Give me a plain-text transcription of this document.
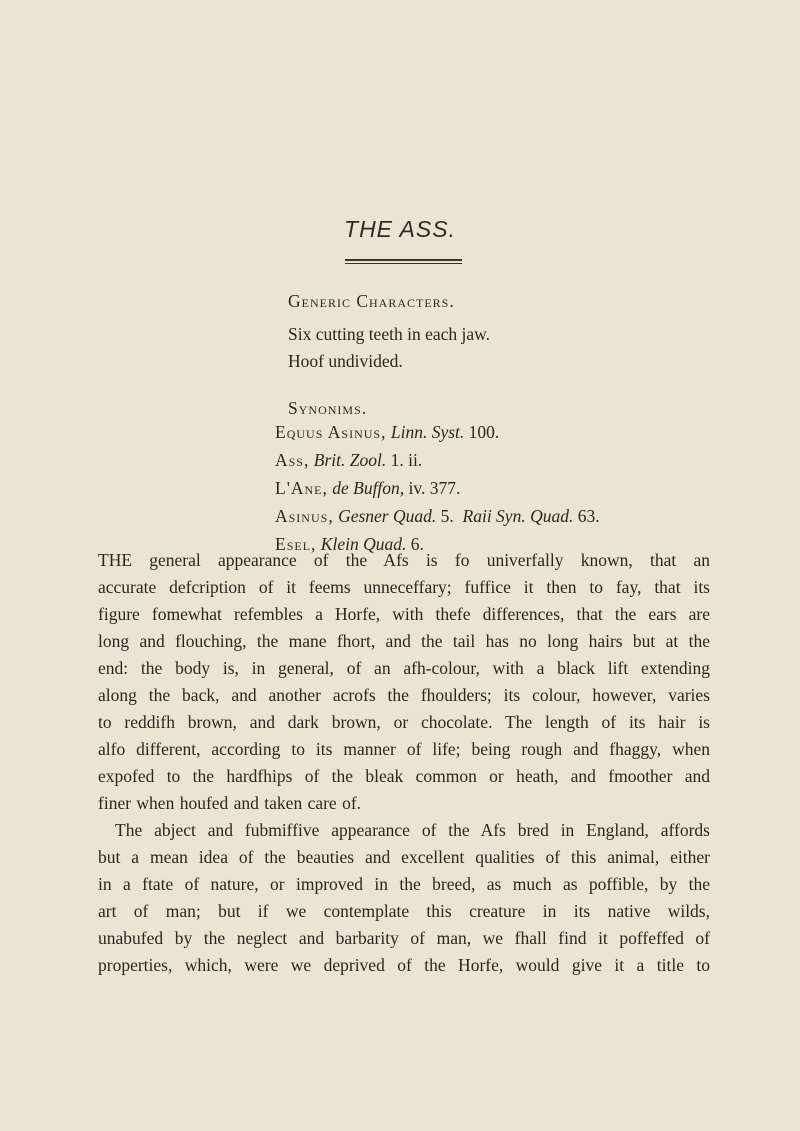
THE ASS.
Generic Characters.
Six cutting teeth in each jaw.
Hoof undivided.
Synonims.
Equus Asinus, Linn. Syst. 100.
Ass, Brit. Zool. 1. ii.
L'Ane, de Buffon, iv. 377.
Asinus, Gesner Quad. 5. Raii Syn. Quad. 63.
Esel, Klein Quad. 6.

THE general appearance of the Afs is fo univerfally known, that an
accurate defcription of it feems unneceffary; fuffice it then to fay, that its
figure fomewhat refembles a Horfe, with thefe differences, that the ears are
long and flouching, the mane fhort, and the tail has no long hairs but at the
end: the body is, in general, of an afh-colour, with a black lift extending
along the back, and another acrofs the fhoulders; its colour, however, varies
to reddifh brown, and dark brown, or chocolate. The length of its hair is
alfo different, according to its manner of life; being rough and fhaggy, when
expofed to the hardfhips of the bleak common or heath, and fmoother and
finer when houfed and taken care of.

The abject and fubmiffive appearance of the Afs bred in England, affords
but a mean idea of the beauties and excellent qualities of this animal, either
in a ftate of nature, or improved in the breed, as much as poffible, by the
art of man; but if we contemplate this creature in its native wilds,
unabufed by the neglect and barbarity of man, we fhall find it poffeffed of
properties, which, were we deprived of the Horfe, would give it a title to
